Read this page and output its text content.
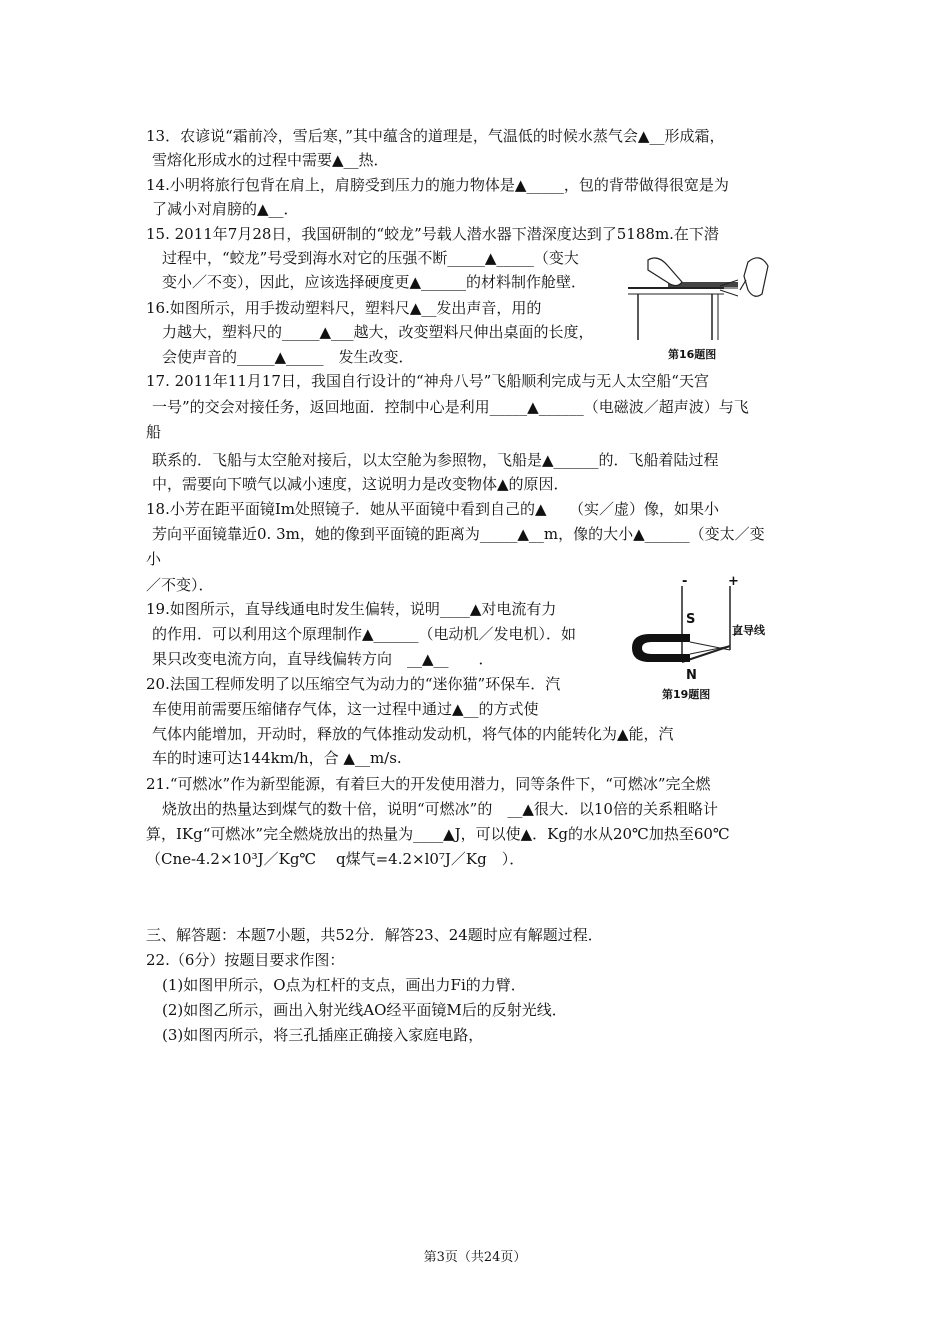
13．农谚说“霜前冷，雪后寒，”其中蕴含的道理是，气温低的时候水蒸气会▲__形成霜，
雪熔化形成水的过程中需要▲__热．
14.小明将旅行包背在肩上，肩膀受到压力的施力物体是▲_____，包的背带做得很宽是为
了减小对肩膀的▲__．
15. 2011年7月28日，我国研制的“蛟龙”号载人潜水器下潜深度达到了5188m.在下潜
过程中，“蛟龙”号受到海水对它的压强不断_____▲_____（变大
变小／不变），因此，应该选择硬度更▲______的材料制作舱壁．
16.如图所示，用手拨动塑料尺，塑料尺▲__发出声音，用的
力越大，塑料尺的_____▲___越大，改变塑料尺伸出桌面的长度，
会使声音的_____▲_____　发生改变．
17. 2011年11月17日，我国自行设计的“神舟八号”飞船顺利完成与无人太空船“天宫
一号”的交会对接任务，返回地面．控制中心是利用_____▲______（电磁波／超声波）与飞
船
联系的．飞船与太空舱对接后，以太空舱为参照物，飞船是▲______的．飞船着陆过程
中，需要向下喷气以减小速度，这说明力是改变物体▲的原因．
18.小芳在距平面镜Im处照镜子．她从平面镜中看到自己的▲　　（实／虚）像，如果小
芳向平面镜靠近0. 3m，她的像到平面镜的距离为_____▲__m，像的大小▲______（变太／变
小
／不变）．
19.如图所示，直导线通电时发生偏转，说明____▲对电流有力
的作用．可以利用这个原理制作▲______（电动机／发电机）．如
果只改变电流方向，直导线偏转方向　__▲__　　．
20.法国工程师发明了以压缩空气为动力的“迷你猫”环保车．汽
车使用前需要压缩储存气体，这一过程中通过▲__的方式使
气体内能增加，开动时，释放的气体推动发动机，将气体的内能转化为▲能，汽
车的时速可达144km/h，合 ▲__m/s.
21.“可燃冰”作为新型能源，有着巨大的开发使用潜力，同等条件下，“可燃冰”完全燃
烧放出的热量达到煤气的数十倍，说明“可燃冰”的　__▲很大．以10倍的关系粗略计
算，IKg“可燃冰”完全燃烧放出的热量为____▲J，可以使▲．Kg的水从20℃加热至60℃
（Cne-4.2×10³J／Kg℃　 q煤气=4.2×l0⁷J／Kg　）．
三、解答题：本题7小题，共52分．解答23、24题时应有解题过程．
22.（6分）按题目要求作图：
(1)如图甲所示，O点为杠杆的支点，画出力Fi的力臂．
(2)如图乙所示，画出入射光线AO经平面镜M后的反射光线．
(3)如图丙所示，将三孔插座正确接入家庭电路，
第16题图
-	+
S
直导线
N
第19题图
第3页（共24页）
